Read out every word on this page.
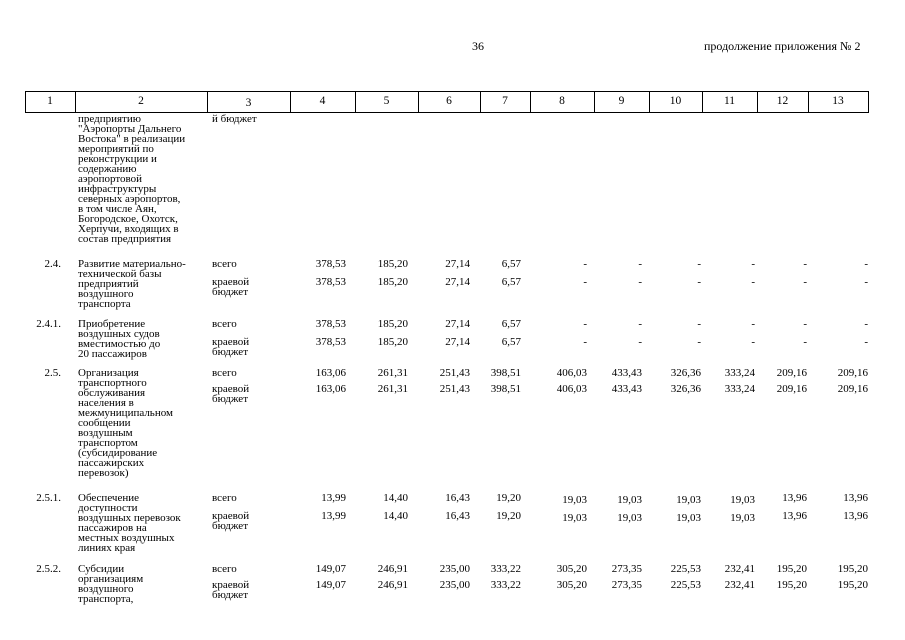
36	продолжение приложения № 2
1	2	3	4	5	6	7	8	9	10	11	12	13
предприятию
"Аэропорты Дальнего
Востока" в реализации
мероприятий по
реконструкции и
содержанию
аэропортовой
инфраструктуры
северных аэропортов,
в том числе Аян,
Богородское, Охотск,
Херпучи, входящих в
состав предприятия
й бюджет
2.4. Развитие материально-
технической базы
предприятий
воздушного
транспорта
всего	378,53	185,20	27,14	6,57	-	-	-	-	-	-
краевой
бюджет
378,53	185,20	27,14	6,57	-	-	-	-	-	-
2.4.1. Приобретение
воздушных судов
вместимостью до
20 пассажиров
всего	378,53	185,20	27,14	6,57	-	-	-	-	-	-
краевой
бюджет
378,53	185,20	27,14	6,57	-	-	-	-	-	-
2.5. Организация
транспортного
обслуживания
населения в
межмуниципальном
сообщении
воздушным
транспортом
(субсидирование
пассажирских
перевозок)
всего	163,06	261,31	251,43 398,51	406,03 433,43	326,36 333,24 209,16	209,16
краевой
бюджет
163,06	261,31	251,43 398,51	406,03 433,43	326,36 333,24 209,16	209,16
2.5.1. Обеспечение
доступности
воздушных перевозок
пассажиров на
местных воздушных
линиях края
всего	13,99	14,40	16,43 19,20	19,03	19,03	19,03	19,03 13,96	13,96
краевой
бюджет
13,99	14,40	16,43 19,20	19,03	19,03	19,03	19,03 13,96	13,96
2.5.2. Субсидии
организациям
воздушного
транспорта,
всего	149,07	246,91	235,00 333,22	305,20 273,35	225,53 232,41 195,20	195,20
краевой
бюджет
149,07	246,91	235,00 333,22	305,20 273,35	225,53 232,41 195,20	195,20
